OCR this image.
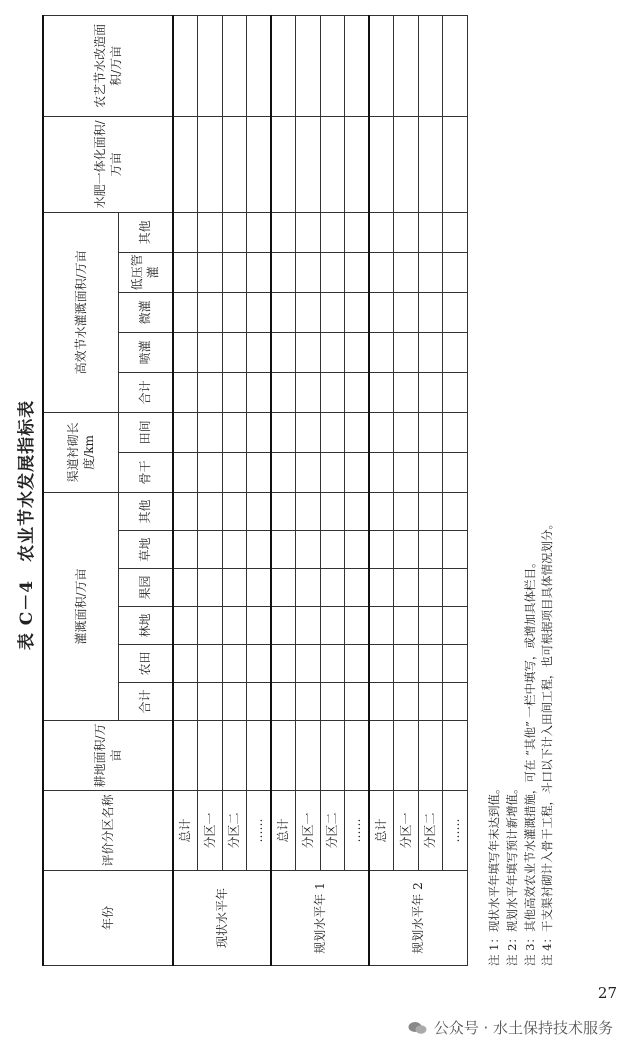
表 C－4　农业节水发展指标表
年份	评价分区名称	耕地面积/万亩	灌溉面积/万亩						渠道衬砌长度/km		高效节水灌溉面积/万亩					水肥一体化面积/万亩	农艺节水改造面积/万亩
			合计	农田	林地	果园	草地	其他	骨干	田间	合计	喷灌	微灌	低压管灌	其他		
现状水平年	总计																
	分区一																
	分区二																
	……																
规划水平年 1	总计																
	分区一																
	分区二																
	……																
规划水平年 2	总计																
	分区一																
	分区二																
	……																注 1：现状水平年填写年末达到值。 注 2：规划水平年填写预计新增值。 注 3：其他高效农业节水灌溉措施，可在 “其他” 一栏中填写，或增加具体栏目。 注 4：干支渠衬砌计入骨干工程，斗口以下计入田间工程，也可根据项目具体情况划分。
27
公众号 · 水土保持技术服务
